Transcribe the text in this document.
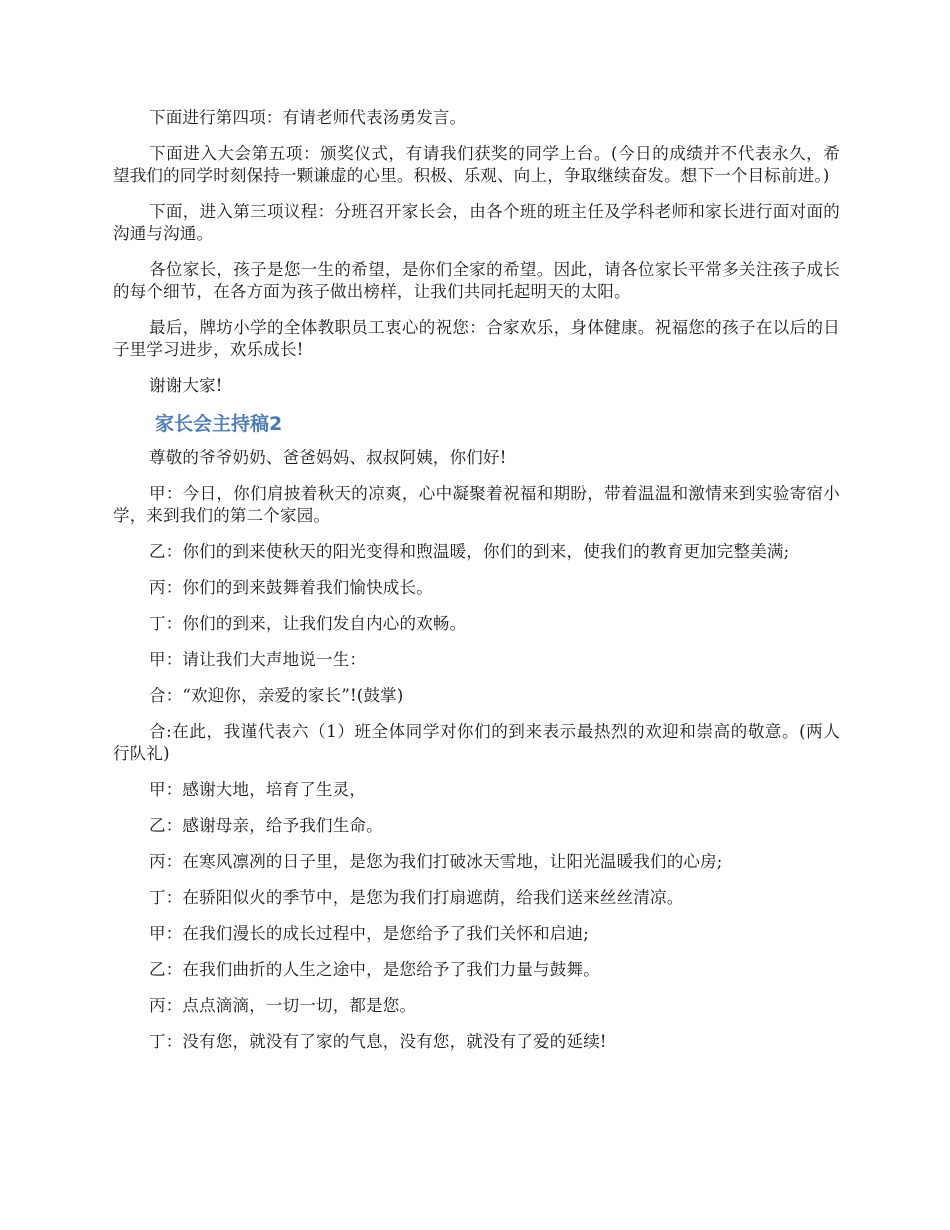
下面进行第四项：有请老师代表汤勇发言。

下面进入大会第五项：颁奖仪式，有请我们获奖的同学上台。(今日的成绩并不代表永久，希望我们的同学时刻保持一颗谦虚的心里。积极、乐观、向上，争取继续奋发。想下一个目标前进。)

下面，进入第三项议程：分班召开家长会，由各个班的班主任及学科老师和家长进行面对面的沟通与沟通。

各位家长，孩子是您一生的希望，是你们全家的希望。因此，请各位家长平常多关注孩子成长的每个细节，在各方面为孩子做出榜样，让我们共同托起明天的太阳。

最后，牌坊小学的全体教职员工衷心的祝您：合家欢乐，身体健康。祝福您的孩子在以后的日子里学习进步，欢乐成长!

谢谢大家!

家长会主持稿2

尊敬的爷爷奶奶、爸爸妈妈、叔叔阿姨，你们好!

甲：今日，你们肩披着秋天的凉爽，心中凝聚着祝福和期盼，带着温温和激情来到实验寄宿小学，来到我们的第二个家园。

乙：你们的到来使秋天的阳光变得和煦温暖，你们的到来，使我们的教育更加完整美满;

丙：你们的到来鼓舞着我们愉快成长。

丁：你们的到来，让我们发自内心的欢畅。

甲：请让我们大声地说一生：

合：“欢迎你，亲爱的家长”!(鼓掌)

合:在此，我谨代表六（1）班全体同学对你们的到来表示最热烈的欢迎和崇高的敬意。(两人行队礼)

甲：感谢大地，培育了生灵，

乙：感谢母亲，给予我们生命。

丙：在寒风凛冽的日子里，是您为我们打破冰天雪地，让阳光温暖我们的心房;

丁：在骄阳似火的季节中，是您为我们打扇遮荫，给我们送来丝丝清凉。

甲：在我们漫长的成长过程中，是您给予了我们关怀和启迪;

乙：在我们曲折的人生之途中，是您给予了我们力量与鼓舞。

丙：点点滴滴，一切一切，都是您。

丁：没有您，就没有了家的气息，没有您，就没有了爱的延续!
